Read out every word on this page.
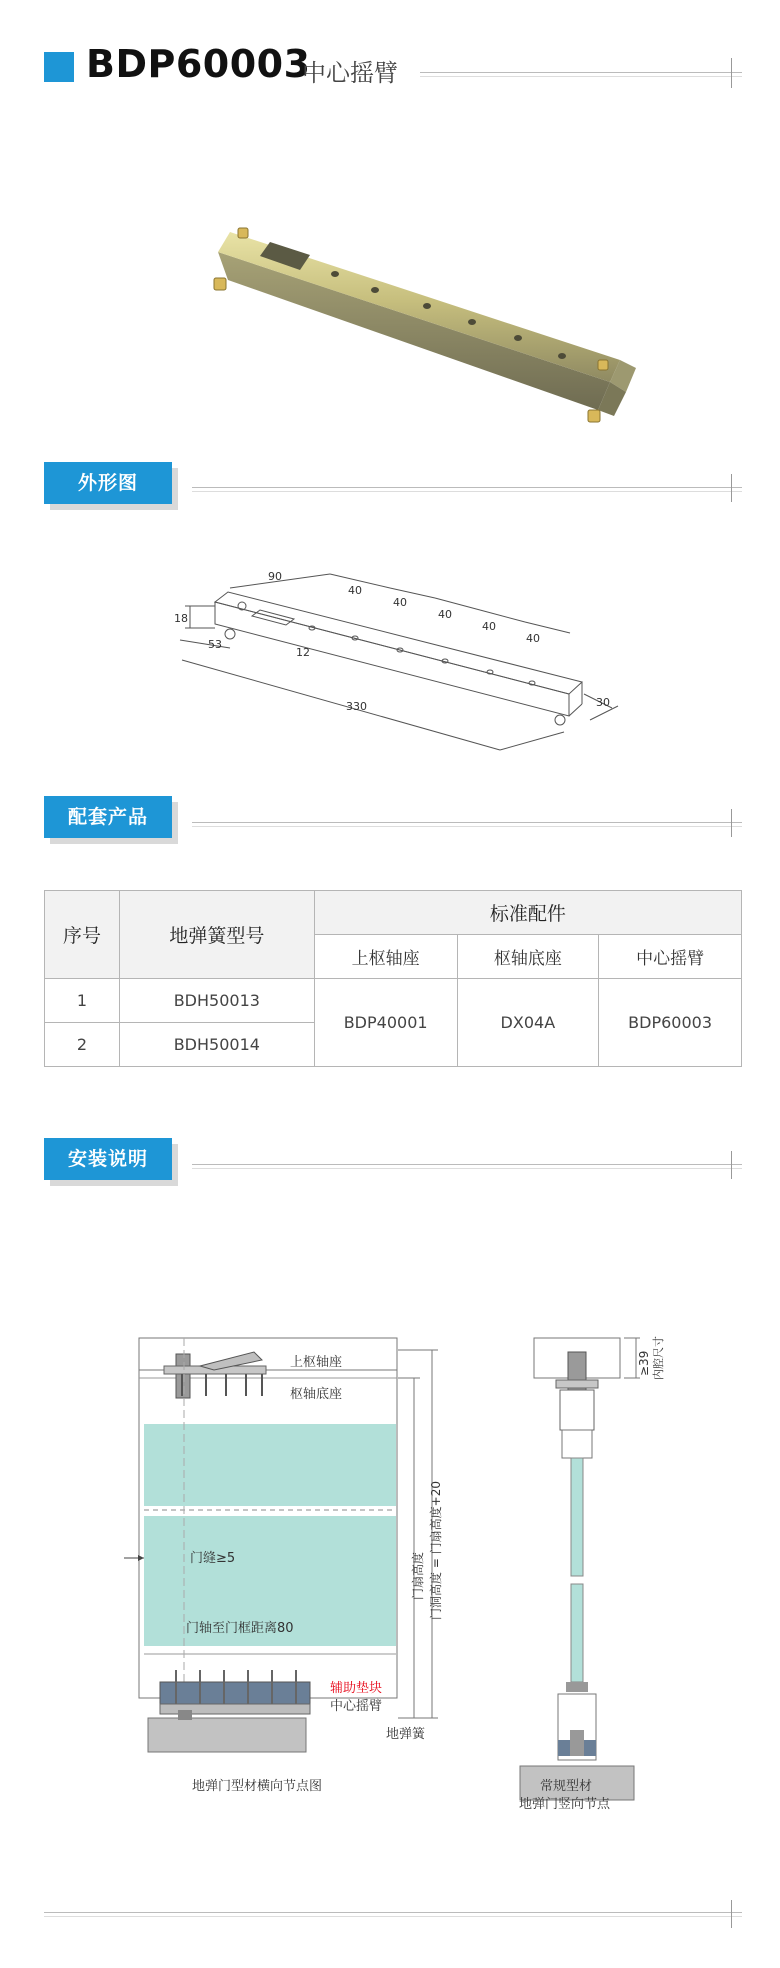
BDP60003
中心摇臂
外形图
90
40
40
40
40
40
18
53
12
330	30
配套产品
序号	地弹簧型号	标准配件		
		上枢轴座	枢轴底座	中心摇臂
1	BDH50013	BDP40001	DX04A	BDP60003
2	BDH50014			
安装说明
上枢轴座
枢轴底座
门缝≥5
门轴至门框距离80
辅助垫块
中心摇臂
地弹簧
地弹门型材横向节点图
门扇高度 门洞高度 = 门扇高度+20
≥39 内腔尺寸
常规型材
地弹门竖向节点
